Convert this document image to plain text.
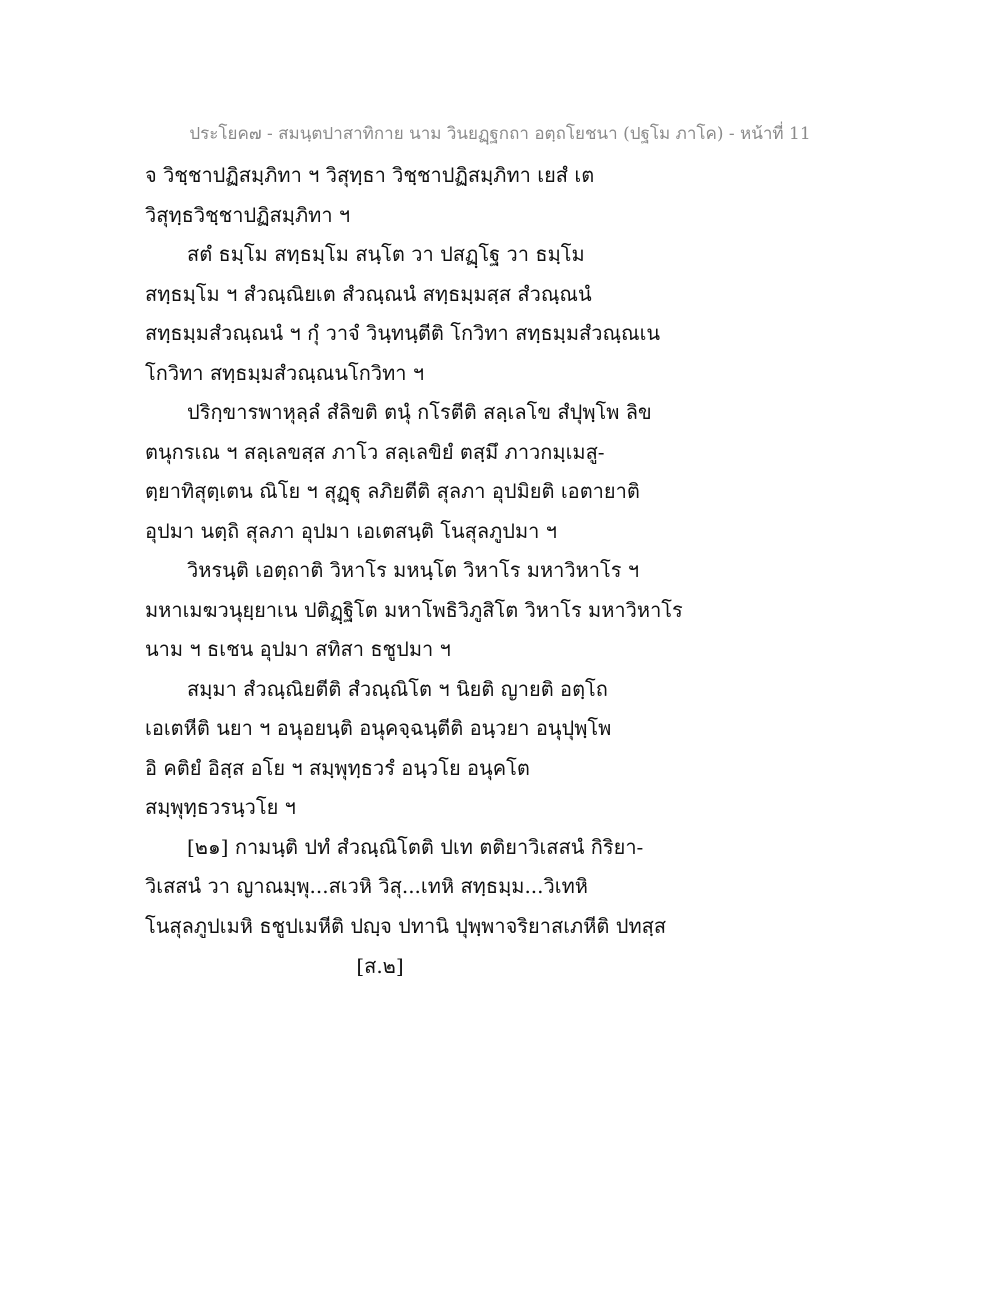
ประโยค๗ - สมนฺตปาสาทิกาย นาม วินยฏฺฐกถา อตฺถโยชนา (ปฐโม ภาโค) - หน้าที่ 11
จ วิชฺชาปฏิสมฺภิทา ฯ วิสุทฺธา วิชฺชาปฏิสมฺภิทา เยสํ เต
วิสุทฺธวิชฺชาปฏิสมฺภิทา ฯ
สตํ ธมฺโม สทฺธมฺโม สนฺโต วา ปสฏฺโฐ วา ธมฺโม
สทฺธมฺโม ฯ สํวณฺณิยเต สํวณฺณนํ สทฺธมฺมสฺส สํวณฺณนํ
สทฺธมฺมสํวณฺณนํ ฯ กุํ วาจํ วินฺทนฺตีติ โกวิทา สทฺธมฺมสํวณฺณเน
โกวิทา สทฺธมฺมสํวณฺณนโกวิทา ฯ
ปริกฺขารพาหุลฺลํ สํลิขติ ตนุํ กโรตีติ สลฺเลโข สํปุพฺโพ ลิข
ตนุกรเณ ฯ สลฺเลขสฺส ภาโว สลฺเลขิยํ ตสฺมึ ภาวกมฺเมสู-
ตฺยาทิสุตฺเตน ณิโย ฯ สุฏฺฐุ ลภิยตีติ สุลภา อุปมิยติ เอตายาติ
อุปมา นตฺถิ สุลภา อุปมา เอเตสนฺติ โนสุลภูปมา ฯ
วิหรนฺติ เอตฺถาติ วิหาโร มหนฺโต วิหาโร มหาวิหาโร ฯ
มหาเมฆวนุยฺยาเน ปติฏฺฐิโต มหาโพธิวิภูสิโต วิหาโร มหาวิหาโร
นาม ฯ ธเชน อุปมา สทิสา ธชูปมา ฯ
สมฺมา สํวณฺณิยตีติ สํวณฺณิโต ฯ นิยติ ญายติ อตฺโถ
เอเตหีติ นยา ฯ อนุอยนฺติ อนุคจฺฉนฺตีติ อนฺวยา อนุปุพฺโพ
อิ คติยํ อิสฺส อโย ฯ สมฺพุทฺธวรํ อนฺวโย อนุคโต
สมฺพุทฺธวรนฺวโย ฯ
[๒๑] กามนฺติ ปทํ สํวณฺณิโตติ ปเท ตติยาวิเสสนํ กิริยา-
วิเสสนํ วา ญาณมฺพุ...สเวหิ วิสุ...เทหิ สทฺธมฺม...วิเทหิ
โนสุลภูปเมหิ ธชูปเมหีติ ปญฺจ ปทานิ ปุพฺพาจริยาสเภหีติ ปทสฺส
[ส.๒]
